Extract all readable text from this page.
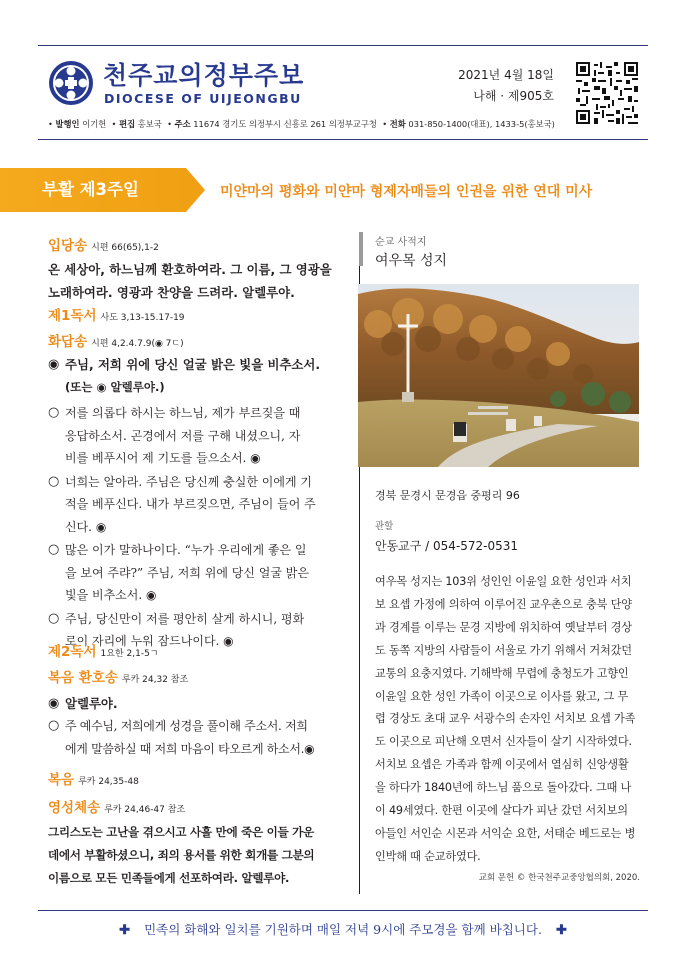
천주교의정부주보
DIOCESE OF UIJEONGBU
2021년 4월 18일
나해 · 제905호
• 발행인 이기헌  • 편집 홍보국  • 주소 11674 경기도 의정부시 신흥로 261 의정부교구청  • 전화 031-850-1400(대표), 1433-5(홍보국)
부활 제3주일	미얀마의 평화와 미얀마 형제자매들의 인권을 위한 연대 미사
입당송 시편 66(65),1-2
온 세상아, 하느님께 환호하여라. 그 이름, 그 영광을
노래하여라. 영광과 찬양을 드려라. 알렐루야.
제1독서 사도 3,13-15.17-19
화답송 시편 4,2.4.7.9(◉ 7ㄷ)
◉ 주님, 저희 위에 당신 얼굴 밝은 빛을 비추소서.
(또는 ◉ 알렐루야.)
○ 저를 의롭다 하시는 하느님, 제가 부르짖을 때
응답하소서. 곤경에서 저를 구해 내셨으니, 자
비를 베푸시어 제 기도를 들으소서. ◉
○ 너희는 알아라. 주님은 당신께 충실한 이에게 기
적을 베푸신다. 내가 부르짖으면, 주님이 들어 주
신다. ◉
○ 많은 이가 말하나이다. “누가 우리에게 좋은 일
을 보여 주랴?” 주님, 저희 위에 당신 얼굴 밝은
빛을 비추소서. ◉
○ 주님, 당신만이 저를 평안히 살게 하시니, 평화
로이 자리에 누워 잠드나이다. ◉
제2독서 1요한 2,1-5ㄱ
복음 환호송 루카 24,32 참조
◉ 알렐루야.
○ 주 예수님, 저희에게 성경을 풀이해 주소서. 저희
에게 말씀하실 때 저희 마음이 타오르게 하소서.◉
복음 루카 24,35-48
영성체송 루카 24,46-47 참조
그리스도는 고난을 겪으시고 사흘 만에 죽은 이들 가운
데에서 부활하셨으니, 죄의 용서를 위한 회개를 그분의
이름으로 모든 민족들에게 선포하여라. 알렐루야.
순교 사적지
여우목 성지
경북 문경시 문경읍 중평리 96
관할
안동교구 / 054-572-0531
여우목 성지는 103위 성인인 이윤일 요한 성인과 서치
보 요셉 가정에 의하여 이루어진 교우촌으로 충북 단양
과 경계를 이루는 문경 지방에 위치하여 옛날부터 경상
도 동쪽 지방의 사람들이 서울로 가기 위해서 거쳐갔던
교통의 요충지였다. 기해박해 무렵에 충청도가 고향인
이윤일 요한 성인 가족이 이곳으로 이사를 왔고, 그 무
렵 경상도 초대 교우 서광수의 손자인 서치보 요셉 가족
도 이곳으로 피난해 오면서 신자들이 살기 시작하였다.
서치보 요셉은 가족과 함께 이곳에서 열심히 신앙생활
을 하다가 1840년에 하느님 품으로 돌아갔다. 그때 나
이 49세였다. 한편 이곳에 살다가 피난 갔던 서치보의
아들인 서인순 시몬과 서익순 요한, 서태순 베드로는 병
인박해 때 순교하였다.
교회 문헌 © 한국천주교중앙협의회, 2020.
✚ 민족의 화해와 일치를 기원하며 매일 저녁 9시에 주모경을 함께 바칩니다. ✚
